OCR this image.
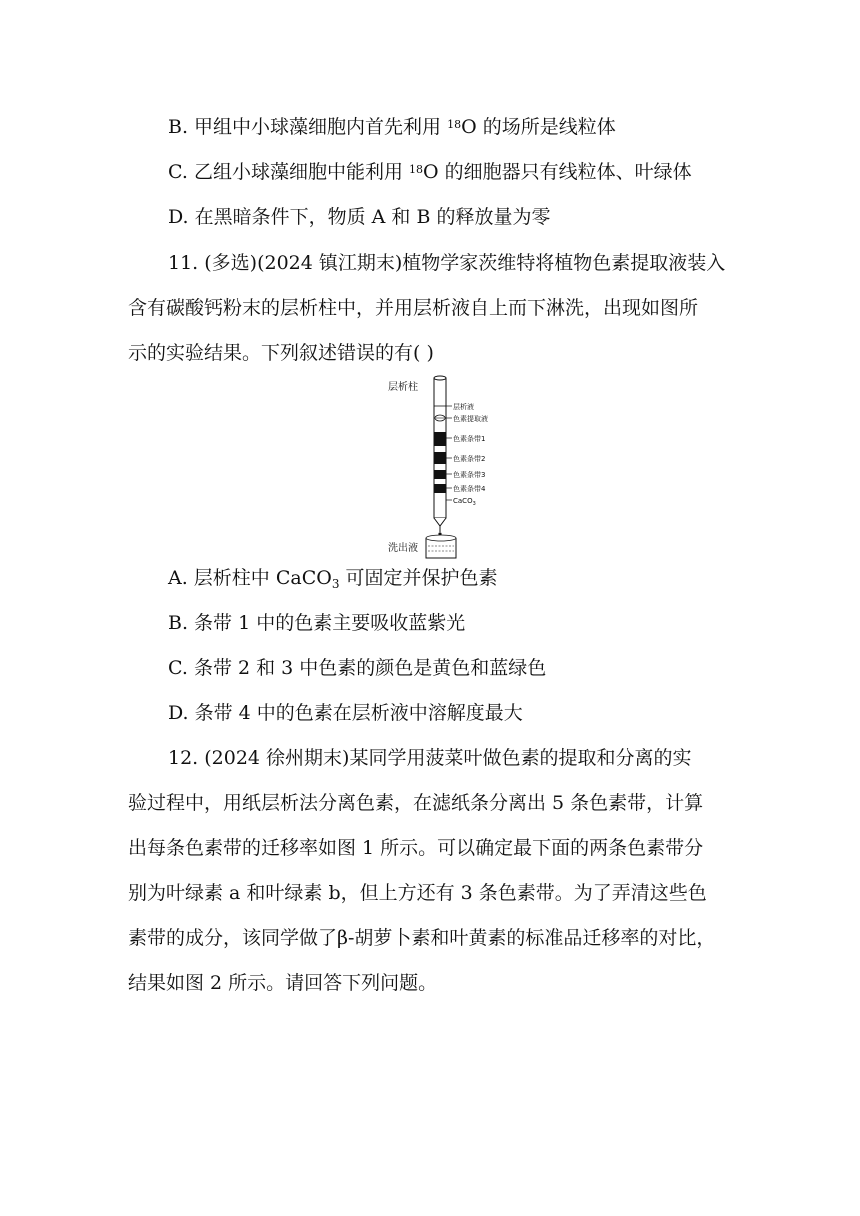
B. 甲组中小球藻细胞内首先利用 $^{18}$O 的场所是线粒体
C. 乙组小球藻细胞中能利用 $^{18}$O 的细胞器只有线粒体、叶绿体
D. 在黑暗条件下，物质 A 和 B 的释放量为零
11. (多选)(2024 镇江期末)植物学家茨维特将植物色素提取液装入
含有碳酸钙粉末的层析柱中，并用层析液自上而下淋洗，出现如图所
示的实验结果。下列叙述错误的有( )
层析柱
洗出液
层析液
色素提取液
色素条带1
色素条带2
色素条带3
色素条带4
CaCO$_3$
A. 层析柱中 CaCO$_3$ 可固定并保护色素
B. 条带 1 中的色素主要吸收蓝紫光
C. 条带 2 和 3 中色素的颜色是黄色和蓝绿色
D. 条带 4 中的色素在层析液中溶解度最大
12. (2024 徐州期末)某同学用菠菜叶做色素的提取和分离的实
验过程中，用纸层析法分离色素，在滤纸条分离出 5 条色素带，计算
出每条色素带的迁移率如图 1 所示。可以确定最下面的两条色素带分
别为叶绿素 a 和叶绿素 b，但上方还有 3 条色素带。为了弄清这些色
素带的成分，该同学做了β-胡萝卜素和叶黄素的标准品迁移率的对比，
结果如图 2 所示。请回答下列问题。
